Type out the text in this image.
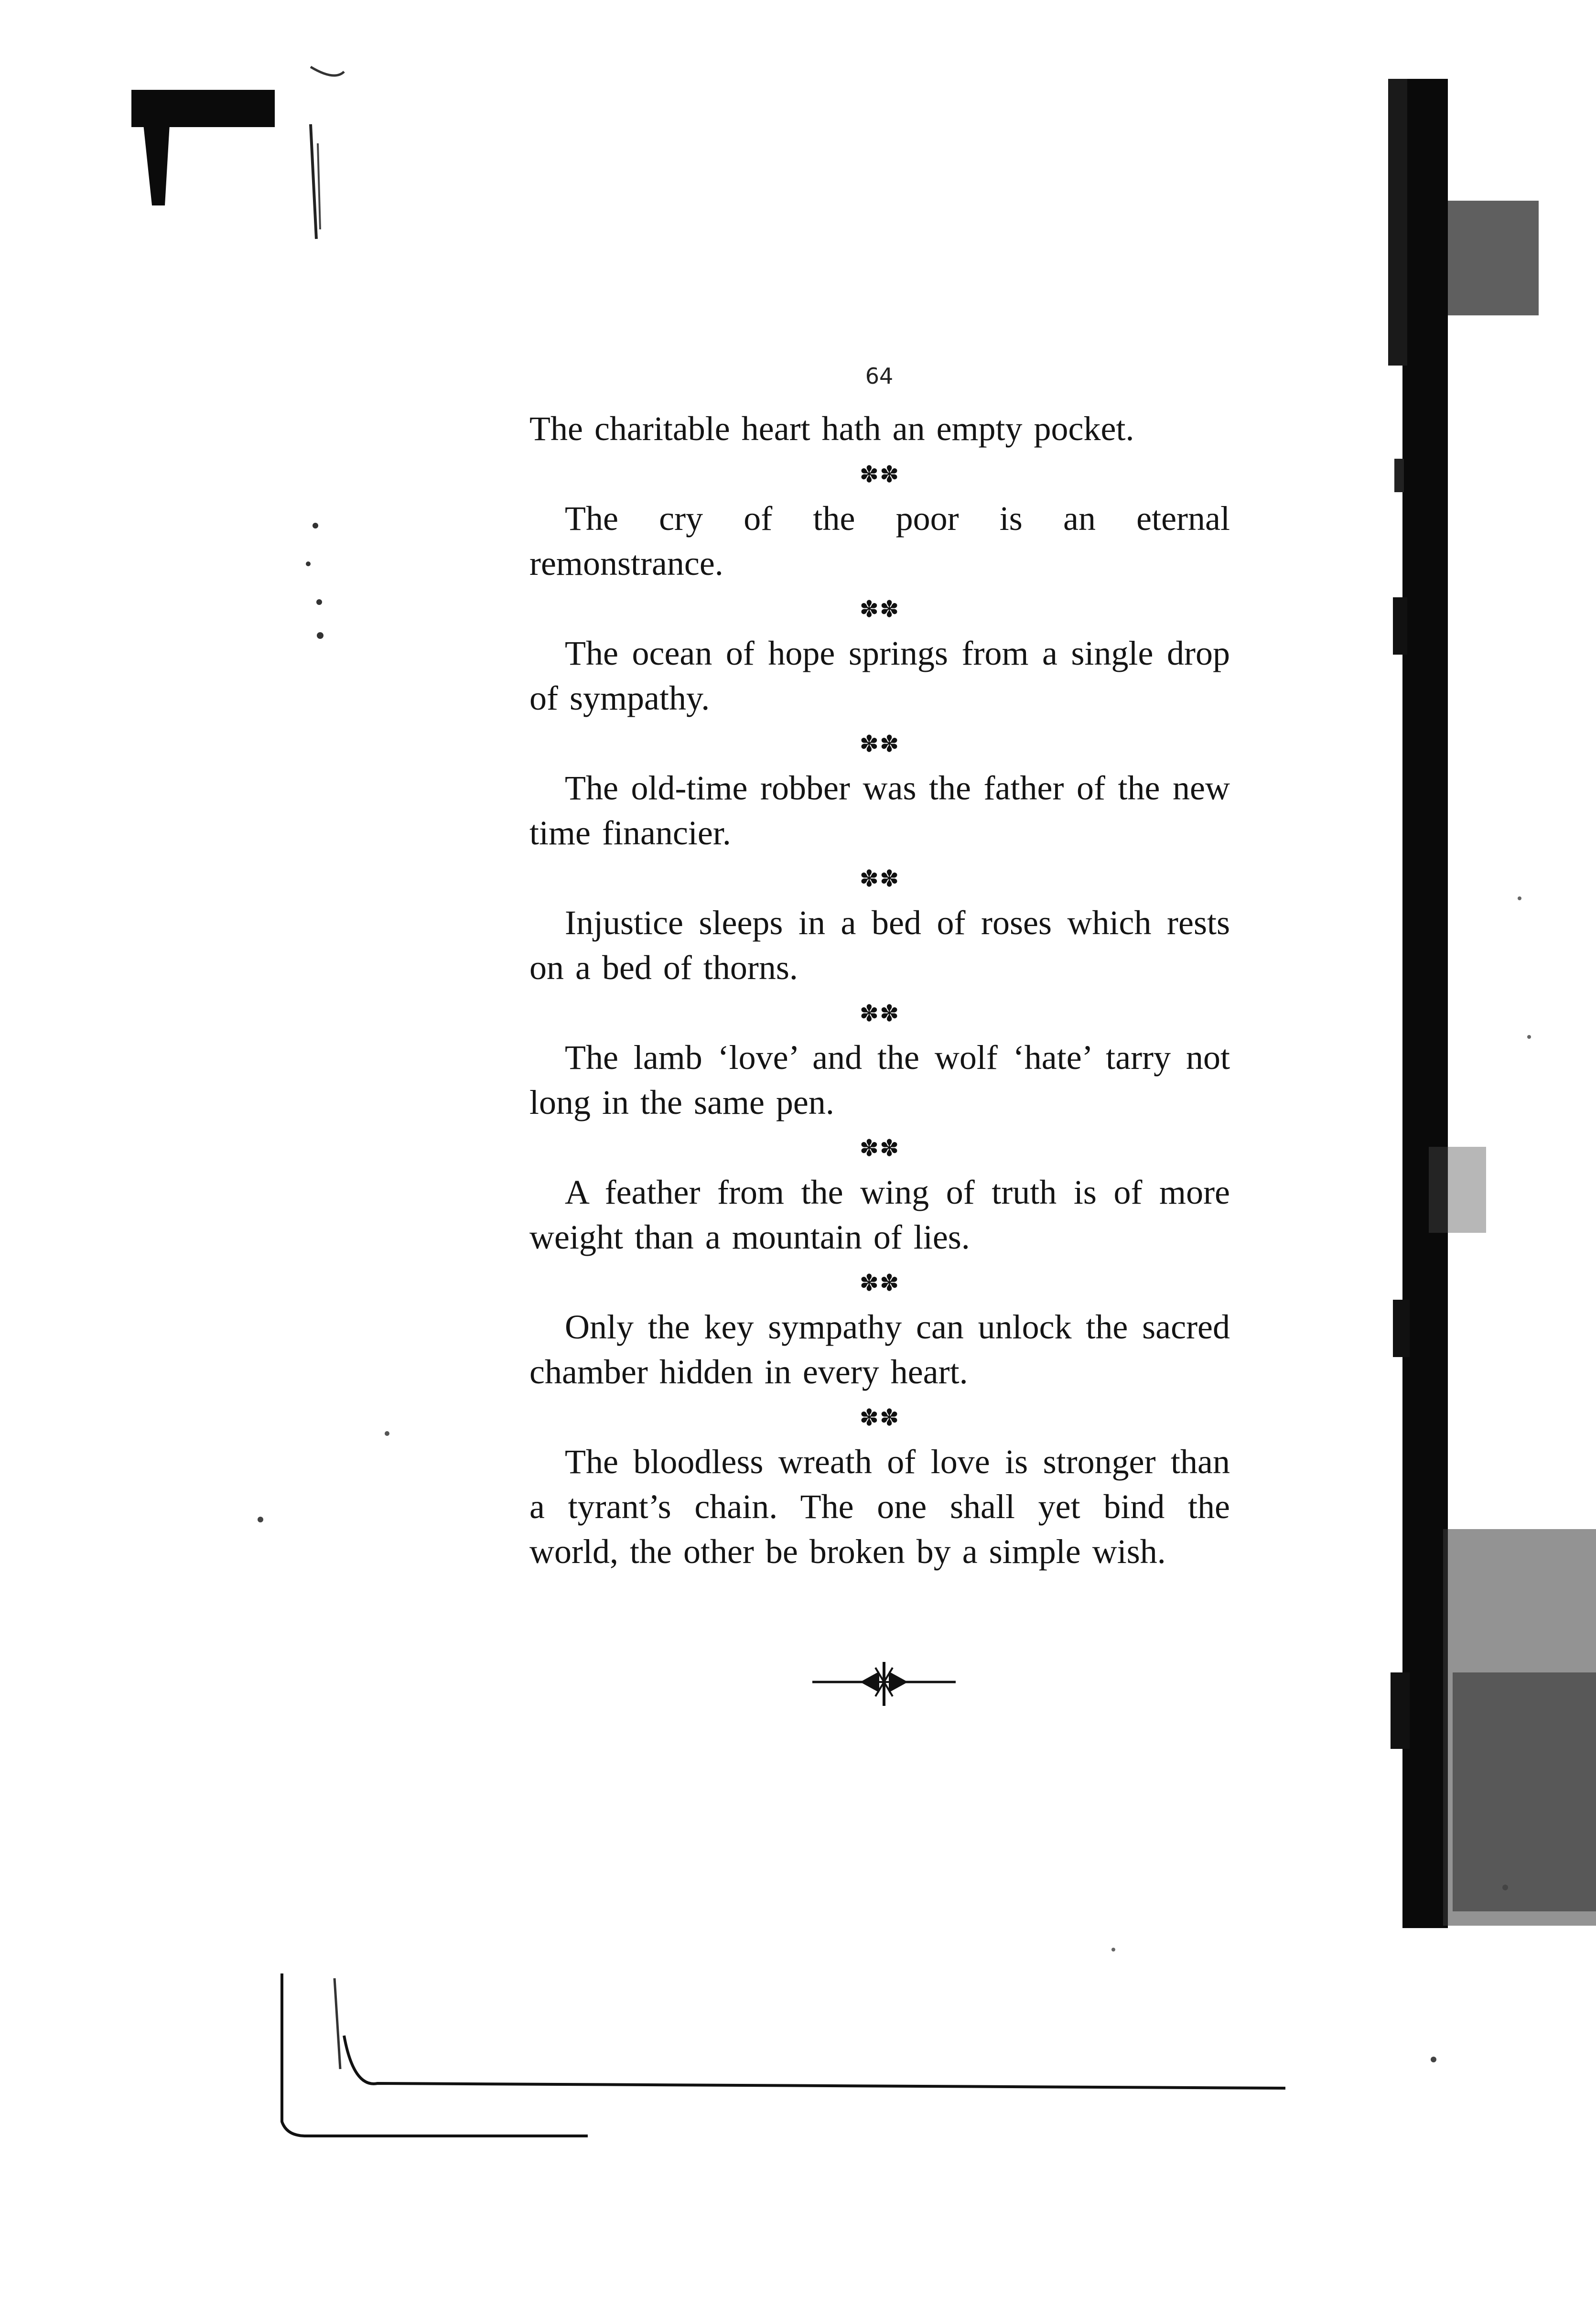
64

The charitable heart hath an empty pocket.

✽✽

The cry of the poor is an eternal remonstrance.

✽✽

The ocean of hope springs from a single drop of sympathy.

✽✽

The old-time robber was the father of the new time financier.

✽✽

Injustice sleeps in a bed of roses which rests on a bed of thorns.

✽✽

The lamb ‘love’ and the wolf ‘hate’ tarry not long in the same pen.

✽✽

A feather from the wing of truth is of more weight than a mountain of lies.

✽✽

Only the key sympathy can unlock the sacred chamber hidden in every heart.

✽✽

The bloodless wreath of love is stronger than a tyrant’s chain. The one shall yet bind the world, the other be broken by a simple wish.
